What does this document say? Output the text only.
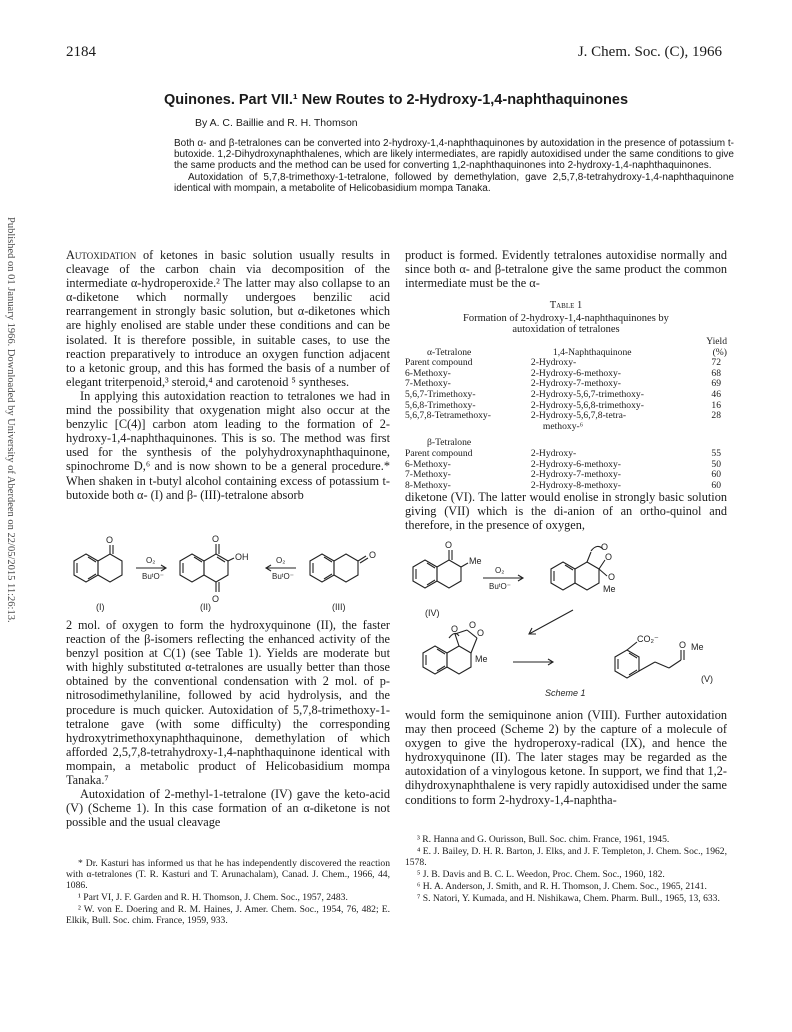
2184	J. Chem. Soc. (C), 1966
Quinones. Part VII.¹ New Routes to 2-Hydroxy-1,4-naphthaquinones
By A. C. Baillie and R. H. Thomson

Both α- and β-tetralones can be converted into 2-hydroxy-1,4-naphthaquinones by autoxidation in the presence of potassium t-butoxide. 1,2-Dihydroxynaphthalenes, which are likely intermediates, are rapidly autoxidised under the same conditions to give the same products and the method can be used for converting 1,2-naphthaquinones into 2-hydroxy-1,4-naphthaquinones.

Autoxidation of 5,7,8-trimethoxy-1-tetralone, followed by demethylation, gave 2,5,7,8-tetrahydroxy-1,4-naphthaquinone identical with mompain, a metabolite of Helicobasidium mompa Tanaka.

Published on 01 January 1966. Downloaded by University of Aberdeen on 22/05/2015 11:26:13.	Autoxidation of ketones in basic solution usually results in cleavage of the carbon chain via decomposition of the intermediate α-hydroperoxide.² The latter may also collapse to an α-diketone which normally undergoes benzilic acid rearrangement in strongly basic solution, but α-diketones which are highly enolised are stable under these conditions and can be isolated. It is therefore possible, in suitable cases, to use the reaction preparatively to introduce an oxygen function adjacent to a ketonic group, and this has formed the basis of a number of elegant triterpenoid,³ steroid,⁴ and carotenoid ⁵ syntheses.

In applying this autoxidation reaction to tetralones we had in mind the possibility that oxygenation might also occur at the benzylic [C(4)] carbon atom leading to the formation of 2-hydroxy-1,4-naphthaquinones. This is so. The method was first used for the synthesis of the polyhydroxynaphthaquinone, spinochrome D,⁶ and is now shown to be a general procedure.* When shaken in t-butyl alcohol containing excess of potassium t-butoxide both α- (I) and β- (III)-tetralone absorb

O	O
O
OH	O
O₂
BuᵗO⁻
O₂
BuᵗO⁻
(I)	(II)	(III)

2 mol. of oxygen to form the hydroxyquinone (II), the faster reaction of the β-isomers reflecting the enhanced activity of the benzyl position at C(1) (see Table 1). Yields are moderate but with highly substituted α-tetralones are usually better than those obtained by the conventional condensation with 2 mol. of p-nitrosodimethylaniline, followed by acid hydrolysis, and the procedure is much quicker. Autoxidation of 5,7,8-trimethoxy-1-tetralone gave (with some difficulty) the corresponding hydroxytrimethoxynaphthaquinone, demethylation of which afforded 2,5,7,8-tetrahydroxy-1,4-naphthaquinone identical with mompain, a metabolic product of Helicobasidium mompa Tanaka.⁷

Autoxidation of 2-methyl-1-tetralone (IV) gave the keto-acid (V) (Scheme 1). In this case formation of an α-diketone is not possible and the usual cleavage

* Dr. Kasturi has informed us that he has independently discovered the reaction with α-tetralones (T. R. Kasturi and T. Arunachalam), Canad. J. Chem., 1966, 44, 1086.

¹ Part VI, J. F. Garden and R. H. Thomson, J. Chem. Soc., 1957, 2483.

² W. von E. Doering and R. M. Haines, J. Amer. Chem. Soc., 1954, 76, 482; E. Elkik, Bull. Soc. chim. France, 1959, 933.

product is formed. Evidently tetralones autoxidise normally and since both α- and β-tetralone give the same product the common intermediate must be the α-

Table 1
Formation of 2-hydroxy-1,4-naphthaquinones by
autoxidation of tetralones
		Yield
α-Tetralone	1,4-Naphthaquinone	(%)
Parent compound	2-Hydroxy-	72
6-Methoxy-	2-Hydroxy-6-methoxy-	68
7-Methoxy-	2-Hydroxy-7-methoxy-	69
5,6,7-Trimethoxy-	2-Hydroxy-5,6,7-trimethoxy-	46
5,6,8-Trimethoxy-	2-Hydroxy-5,6,8-trimethoxy-	16
5,6,7,8-Tetramethoxy-	2-Hydroxy-5,6,7,8-tetra-	28
	methoxy-⁶	

β-Tetralone		
Parent compound	2-Hydroxy-	55
6-Methoxy-	2-Hydroxy-6-methoxy-	50
7-Methoxy-	2-Hydroxy-7-methoxy-	60
8-Methoxy-	2-Hydroxy-8-methoxy-	60

diketone (VI). The latter would enolise in strongly basic solution giving (VII) which is the di-anion of an ortho-quinol and therefore, in the presence of oxygen,

O
Me
O₂
BuᵗO⁻
O
O
O
Me
O O
O
Me
CO₂⁻
O Me
(IV)
(V)
Scheme 1

would form the semiquinone anion (VIII). Further autoxidation may then proceed (Scheme 2) by the capture of a molecule of oxygen to give the hydroperoxy-radical (IX), and hence the hydroxyquinone (II). The later stages may be regarded as the autoxidation of a vinylogous ketone. In support, we find that 1,2-dihydroxynaphthalene is very rapidly autoxidised under the same conditions to form 2-hydroxy-1,4-naphtha-

³ R. Hanna and G. Ourisson, Bull. Soc. chim. France, 1961, 1945.

⁴ E. J. Bailey, D. H. R. Barton, J. Elks, and J. F. Templeton, J. Chem. Soc., 1962, 1578.

⁵ J. B. Davis and B. C. L. Weedon, Proc. Chem. Soc., 1960, 182.

⁶ H. A. Anderson, J. Smith, and R. H. Thomson, J. Chem. Soc., 1965, 2141.

⁷ S. Natori, Y. Kumada, and H. Nishikawa, Chem. Pharm. Bull., 1965, 13, 633.
